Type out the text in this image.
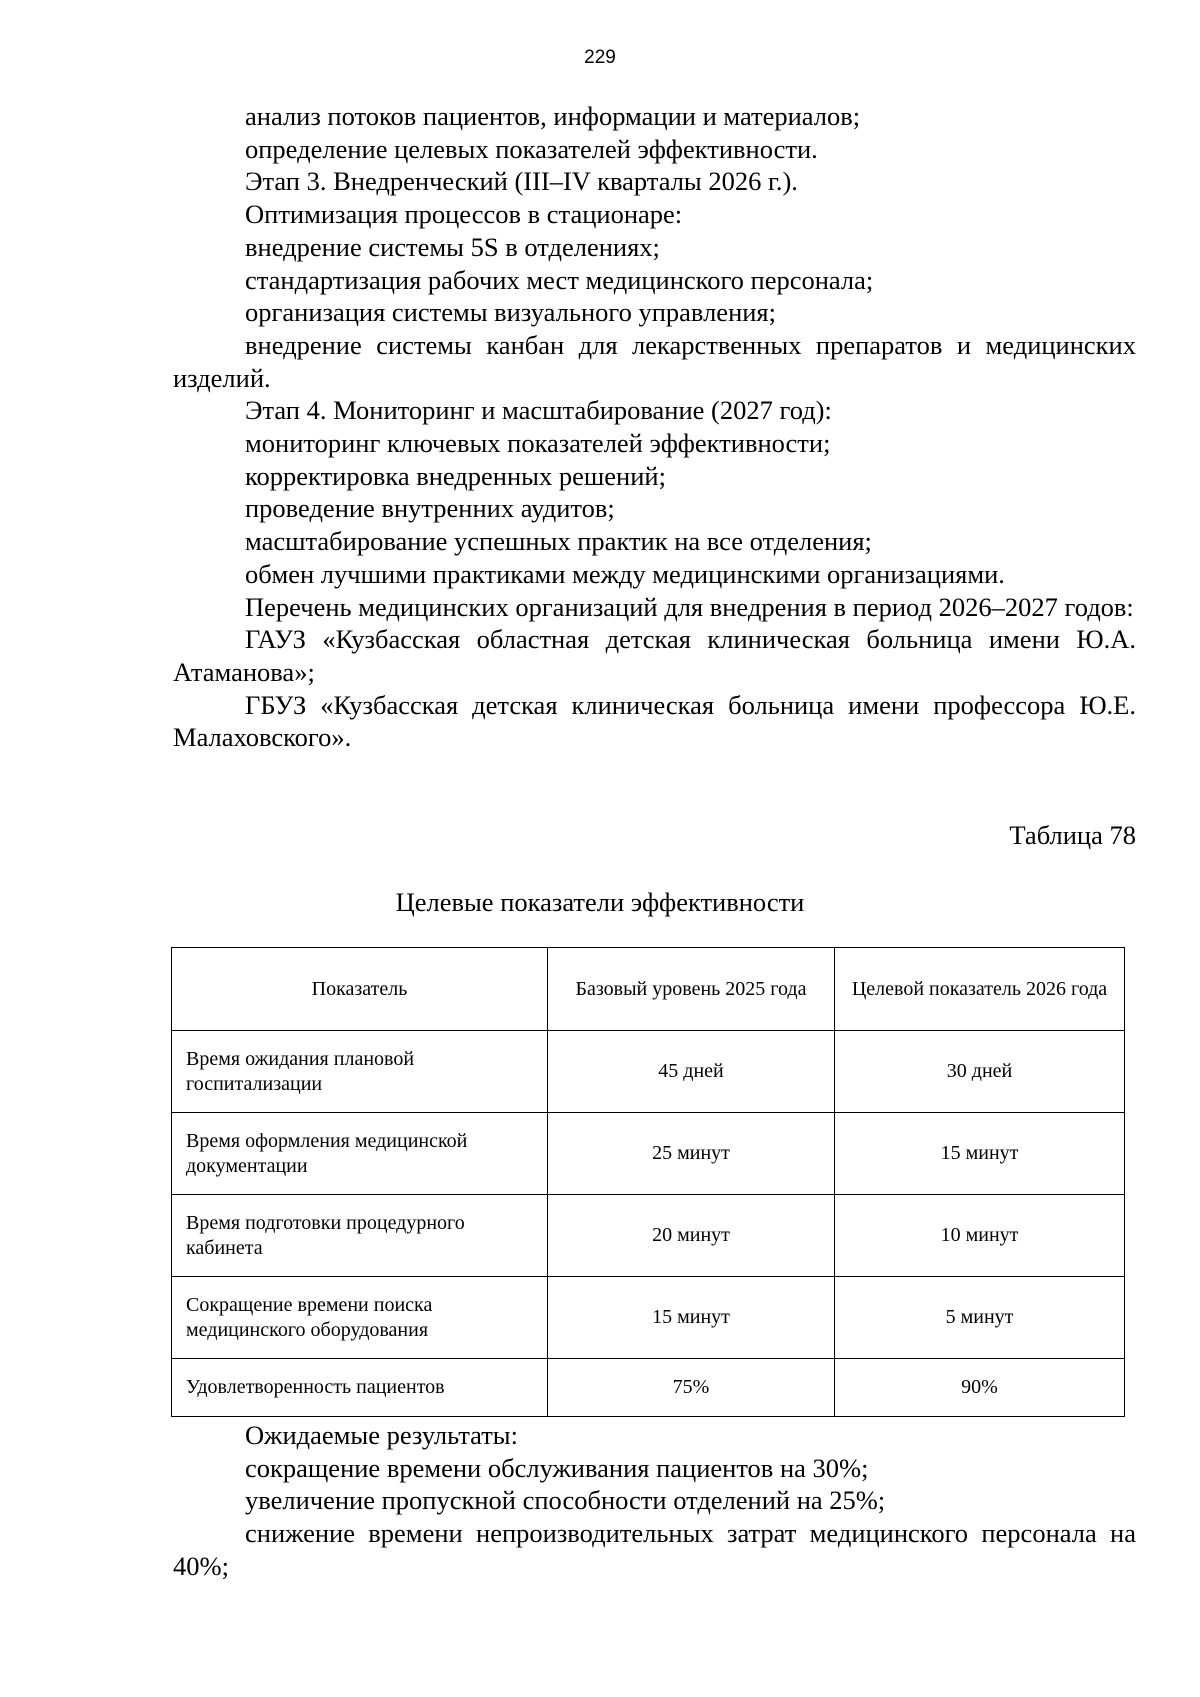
229

анализ потоков пациентов, информации и материалов;

определение целевых показателей эффективности.

Этап 3. Внедренческий (III–IV кварталы 2026 г.).

Оптимизация процессов в стационаре:

внедрение системы 5S в отделениях;

стандартизация рабочих мест медицинского персонала;

организация системы визуального управления;

внедрение системы канбан для лекарственных препаратов и медицинских изделий.

Этап 4. Мониторинг и масштабирование (2027 год):

мониторинг ключевых показателей эффективности;

корректировка внедренных решений;

проведение внутренних аудитов;

масштабирование успешных практик на все отделения;

обмен лучшими практиками между медицинскими организациями.

Перечень медицинских организаций для внедрения в период 2026–2027 годов:

ГАУЗ «Кузбасская областная детская клиническая больница имени Ю.А. Атаманова»;

ГБУЗ «Кузбасская детская клиническая больница имени профессора Ю.Е. Малаховского».

Таблица 78
Целевые показатели эффективности
Показатель	Базовый уровень 2025 года	Целевой показатель 2026 года
Время ожидания плановой госпитализации	45 дней	30 дней
Время оформления медицинской документации	25 минут	15 минут
Время подготовки процедурного кабинета	20 минут	10 минут
Сокращение времени поиска медицинского оборудования	15 минут	5 минут
Удовлетворенность пациентов	75%	90%

Ожидаемые результаты:

сокращение времени обслуживания пациентов на 30%;

увеличение пропускной способности отделений на 25%;

снижение времени непроизводительных затрат медицинского персонала на 40%;
